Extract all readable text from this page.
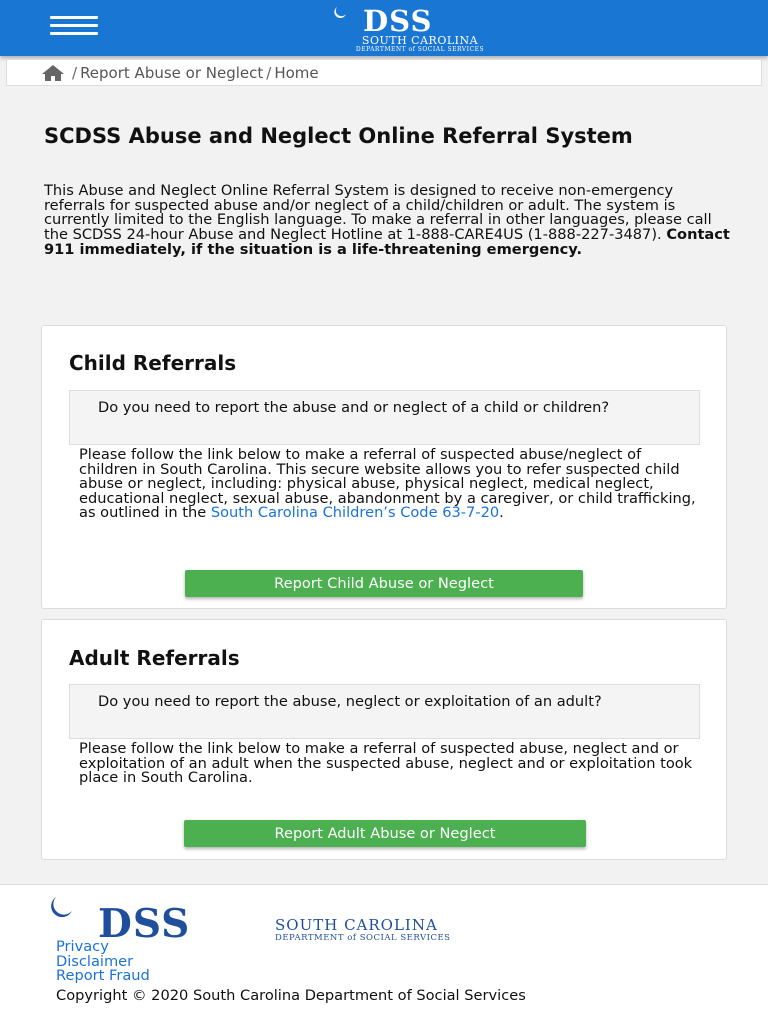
DSS
SOUTH CAROLINA
DEPARTMENT of SOCIAL SERVICES
/ Report Abuse or Neglect / Home
SCDSS Abuse and Neglect Online Referral System

This Abuse and Neglect Online Referral System is designed to receive non-emergency referrals for suspected abuse and/or neglect of a child/children or adult. The system is currently limited to the English language. To make a referral in other languages, please call the SCDSS 24-hour Abuse and Neglect Hotline at 1-888-CARE4US (1-888-227-3487). Contact 911 immediately, if the situation is a life-threatening emergency.

Child Referrals
Do you need to report the abuse and or neglect of a child or children?

Please follow the link below to make a referral of suspected abuse/neglect of children in South Carolina. This secure website allows you to refer suspected child abuse or neglect, including: physical abuse, physical neglect, medical neglect, educational neglect, sexual abuse, abandonment by a caregiver, or child trafficking, as outlined in the South Carolina Children’s Code 63-7-20.

Report Child Abuse or Neglect
Adult Referrals
Do you need to report the abuse, neglect or exploitation of an adult?

Please follow the link below to make a referral of suspected abuse, neglect and or exploitation of an adult when the suspected abuse, neglect and or exploitation took place in South Carolina.

Report Adult Abuse or Neglect
DSS	SOUTH CAROLINA
DEPARTMENT of SOCIAL SERVICES
Privacy
Disclaimer
Report Fraud
Copyright © 2020 South Carolina Department of Social Services
